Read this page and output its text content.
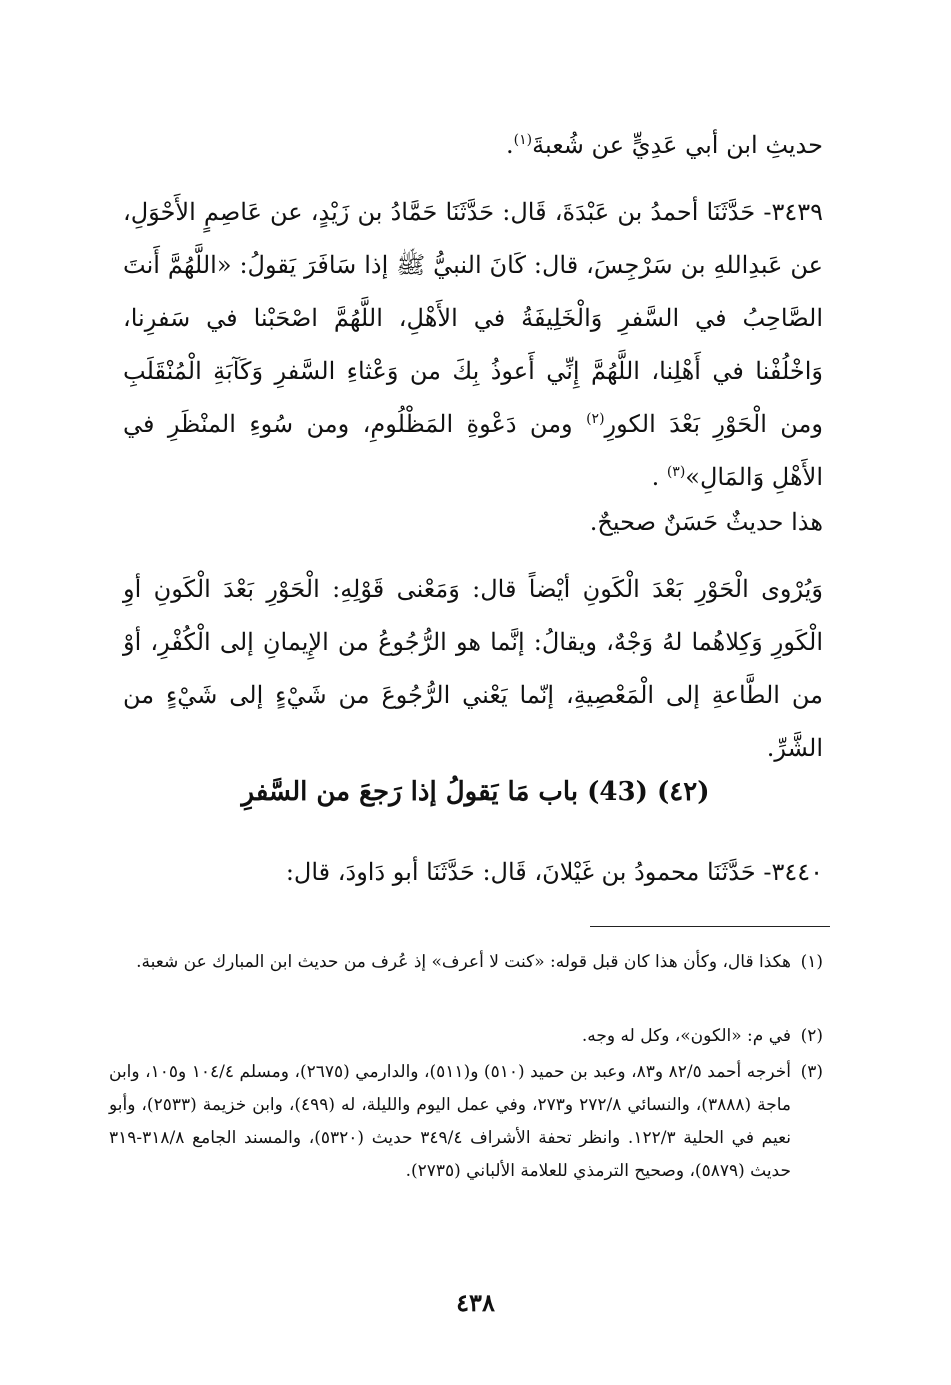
حديثِ ابن أبي عَدِيٍّ عن شُعبةَ$^{(١)}$.

٣٤٣٩- حَدَّثَنَا أحمدُ بن عَبْدَةَ، قَال: حَدَّثَنَا حَمَّادُ بن زَيْدٍ، عن عَاصِمٍ الأَحْوَلِ، عن عَبدِاللهِ بن سَرْجِسَ، قال: كَانَ النبيُّ ﷺ إذا سَافَرَ يَقولُ: «اللَّهُمَّ أَنتَ الصَّاحِبُ في السَّفرِ وَالْخَلِيفَةُ في الأَهْلِ، اللَّهُمَّ اصْحَبْنا في سَفرِنا، وَاخْلُفْنا في أَهْلِنا، اللَّهُمَّ إِنِّي أَعوذُ بِكَ من وَعْثاءِ السَّفرِ وَكَآبَةِ الْمُنْقَلَبِ ومن الْحَوْرِ بَعْدَ الكورِ$^{(٢)}$ ومن دَعْوةِ المَظْلُومِ، ومن سُوءِ المنْظَرِ في الأَهْلِ وَالمَالِ»$^{(٣)}$ .

هذا حديثٌ حَسَنٌ صحيحٌ.

وَيُرْوى الْحَوْرِ بَعْدَ الْكَونِ أيْضاً قال: وَمَعْنى قَوْلِهِ: الْحَوْرِ بَعْدَ الْكَونِ أوِ الْكَورِ وَكِلاهُما لهُ وَجْهٌ، ويقالُ: إنَّما هو الرُّجُوعُ من الإِيمانِ إلى الْكُفْرِ، أوْ من الطَّاعةِ إلى الْمَعْصِيةِ، إنّما يَعْني الرُّجُوعَ من شَيْءٍ إلى شَيْءٍ من الشَّرِّ.

(٤٢) (43) باب مَا يَقولُ إذا رَجعَ من السَّفرِ

٣٤٤٠- حَدَّثَنَا محمودُ بن غَيْلانَ، قَال: حَدَّثَنَا أبو دَاودَ، قال:

(١)هكذا قال، وكأن هذا كان قبل قوله: «كنت لا أعرف» إذ عُرف من حديث ابن المبارك عن شعبة.
(٢)في م: «الكون»، وكل له وجه.
(٣)أخرجه أحمد ٨٢/٥ و٨٣، وعبد بن حميد (٥١٠) و(٥١١)، والدارمي (٢٦٧٥)، ومسلم ١٠٤/٤ و١٠٥، وابن ماجة (٣٨٨٨)، والنسائي ٢٧٢/٨ و٢٧٣، وفي عمل اليوم والليلة، له (٤٩٩)، وابن خزيمة (٢٥٣٣)، وأبو نعيم في الحلية ١٢٢/٣. وانظر تحفة الأشراف ٣٤٩/٤ حديث (٥٣٢٠)، والمسند الجامع ٣١٨/٨-٣١٩ حديث (٥٨٧٩)، وصحيح الترمذي للعلامة الألباني (٢٧٣٥).
٤٣٨
